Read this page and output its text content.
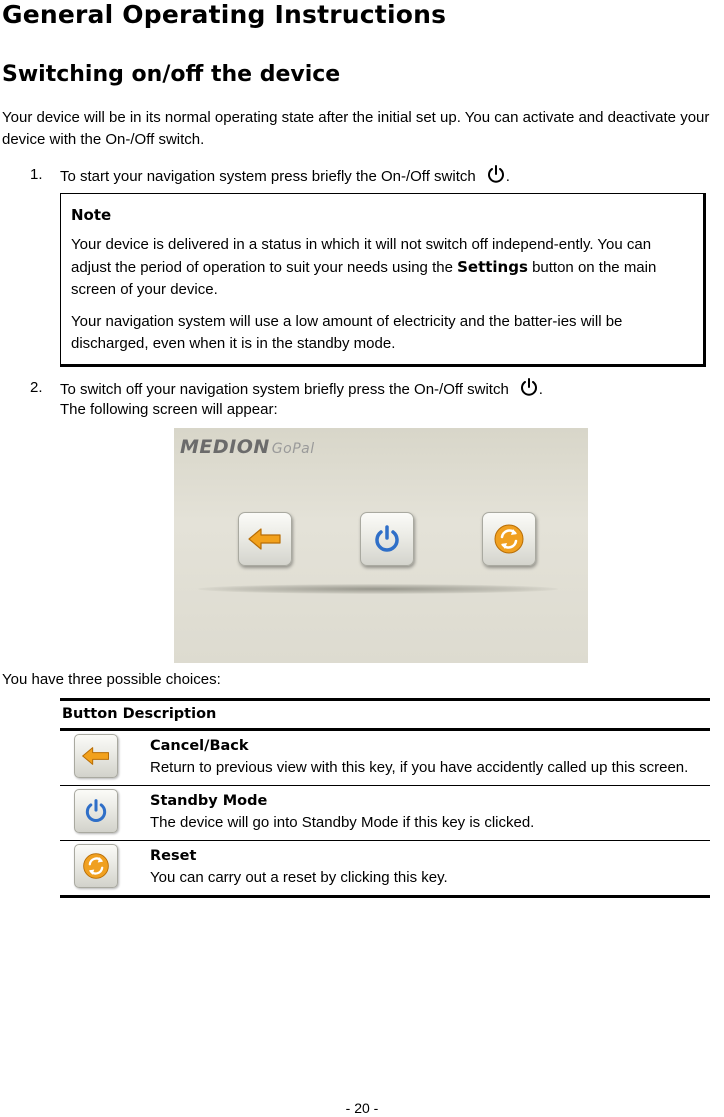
General Operating Instructions
Switching on/off the device

Your device will be in its normal operating state after the initial set up. You can activate and deactivate your device with the On-/Off switch.

1. To start your navigation system press briefly the On-/Off switch .
Note

Your device is delivered in a status in which it will not switch off independ-ently. You can adjust the period of operation to suit your needs using the Settings button on the main screen of your device.

Your navigation system will use a low amount of electricity and the batter-ies will be discharged, even when it is in the standby mode.

2. To switch off your navigation system briefly press the On-/Off switch .
The following screen will appear:
MEDION GoPal
You have three possible choices:
Button Description	

Cancel/Back
Return to previous view with this key, if you have accidently called up this screen.

Standby Mode
The device will go into Standby Mode if this key is clicked.

Reset
You can carry out a reset by clicking this key.
- 20 -
